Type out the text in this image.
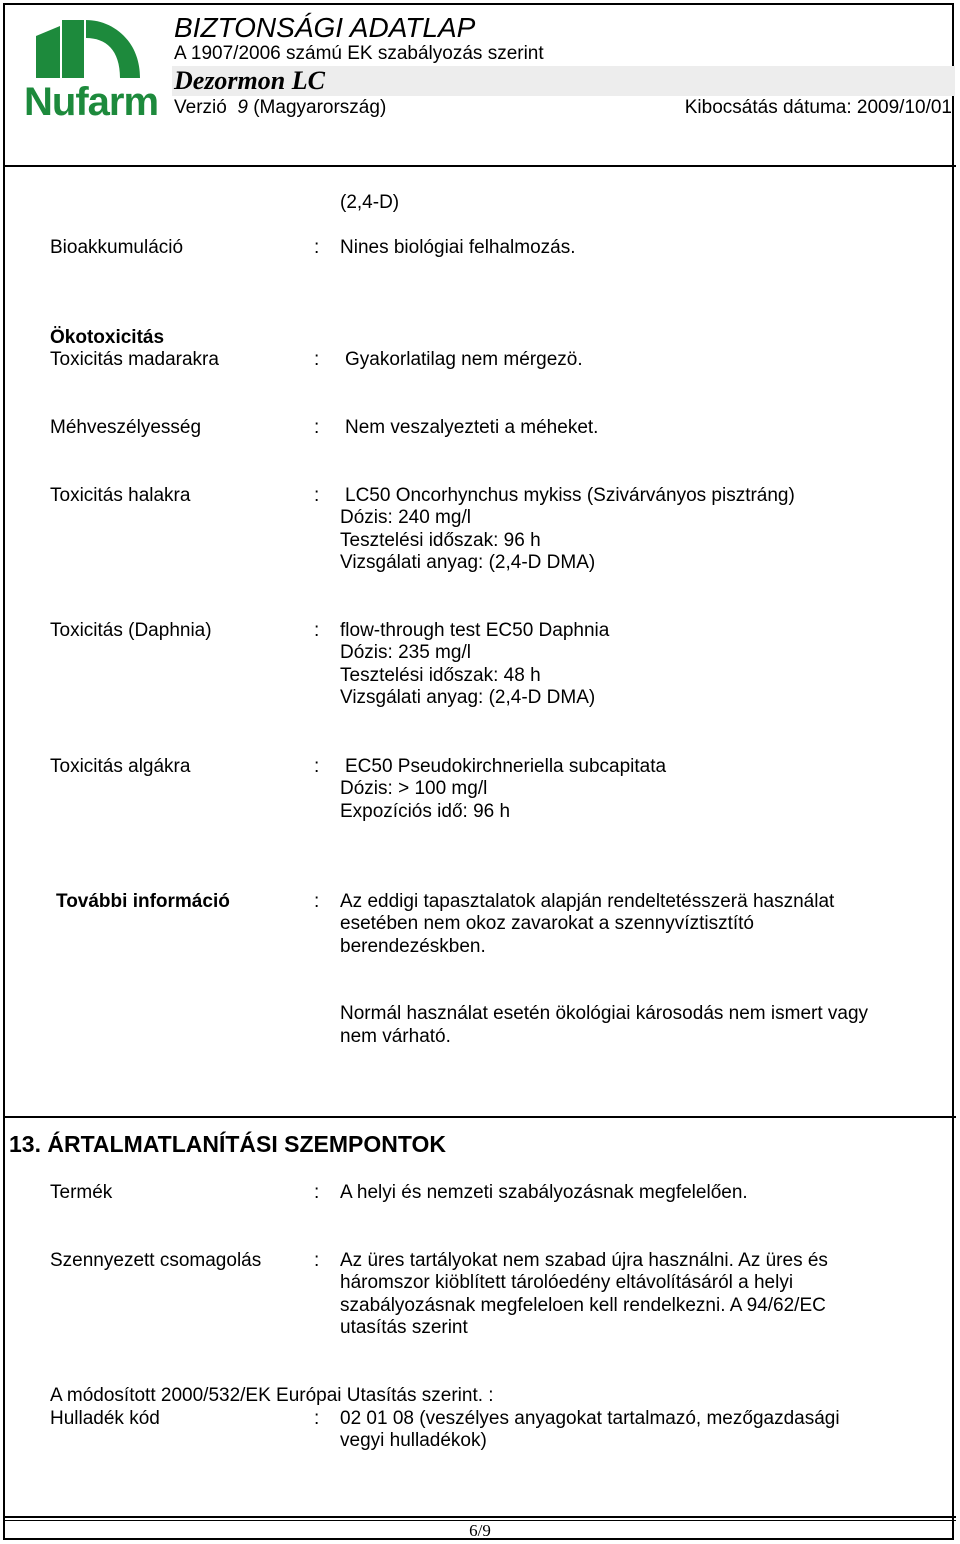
Nufarm
BIZTONSÁGI ADATLAP
A 1907/2006 számú EK szabályozás szerint
Dezormon LC
Verzió 9 (Magyarország)	Kibocsátás dátuma: 2009/10/01
(2,4-D)
Bioakkumuláció	: Nines biológiai felhalmozás.
Ökotoxicitás
Toxicitás madarakra	: Gyakorlatilag nem mérgezö.
Méhveszélyesség	: Nem veszalyezteti a méheket.
Toxicitás halakra	: LC50 Oncorhynchus mykiss (Szivárványos pisztráng)
Dózis: 240 mg/l
Tesztelési időszak: 96 h
Vizsgálati anyag: (2,4-D DMA)
Toxicitás (Daphnia)	: flow-through test EC50 Daphnia
Dózis: 235 mg/l
Tesztelési időszak: 48 h
Vizsgálati anyag: (2,4-D DMA)
Toxicitás algákra	: EC50 Pseudokirchneriella subcapitata
Dózis: > 100 mg/l
Expozíciós idő: 96 h
További információ	: Az eddigi tapasztalatok alapján rendeltetésszerä használat
esetében nem okoz zavarokat a szennyvíztisztító
berendezéskben.
Normál használat esetén ökológiai károsodás nem ismert vagy
nem várható.
13. ÁRTALMATLANÍTÁSI SZEMPONTOK
Termék	: A helyi és nemzeti szabályozásnak megfelelően.
Szennyezett csomagolás	: Az üres tartályokat nem szabad újra használni. Az üres és
háromszor kiöblített tárolóedény eltávolításáról a helyi
szabályozásnak megfeleloen kell rendelkezni. A 94/62/EC
utasítás szerint
A módosított 2000/532/EK Európai Utasítás szerint. :
Hulladék kód	: 02 01 08 (veszélyes anyagokat tartalmazó, mezőgazdasági
vegyi hulladékok)
6/9
